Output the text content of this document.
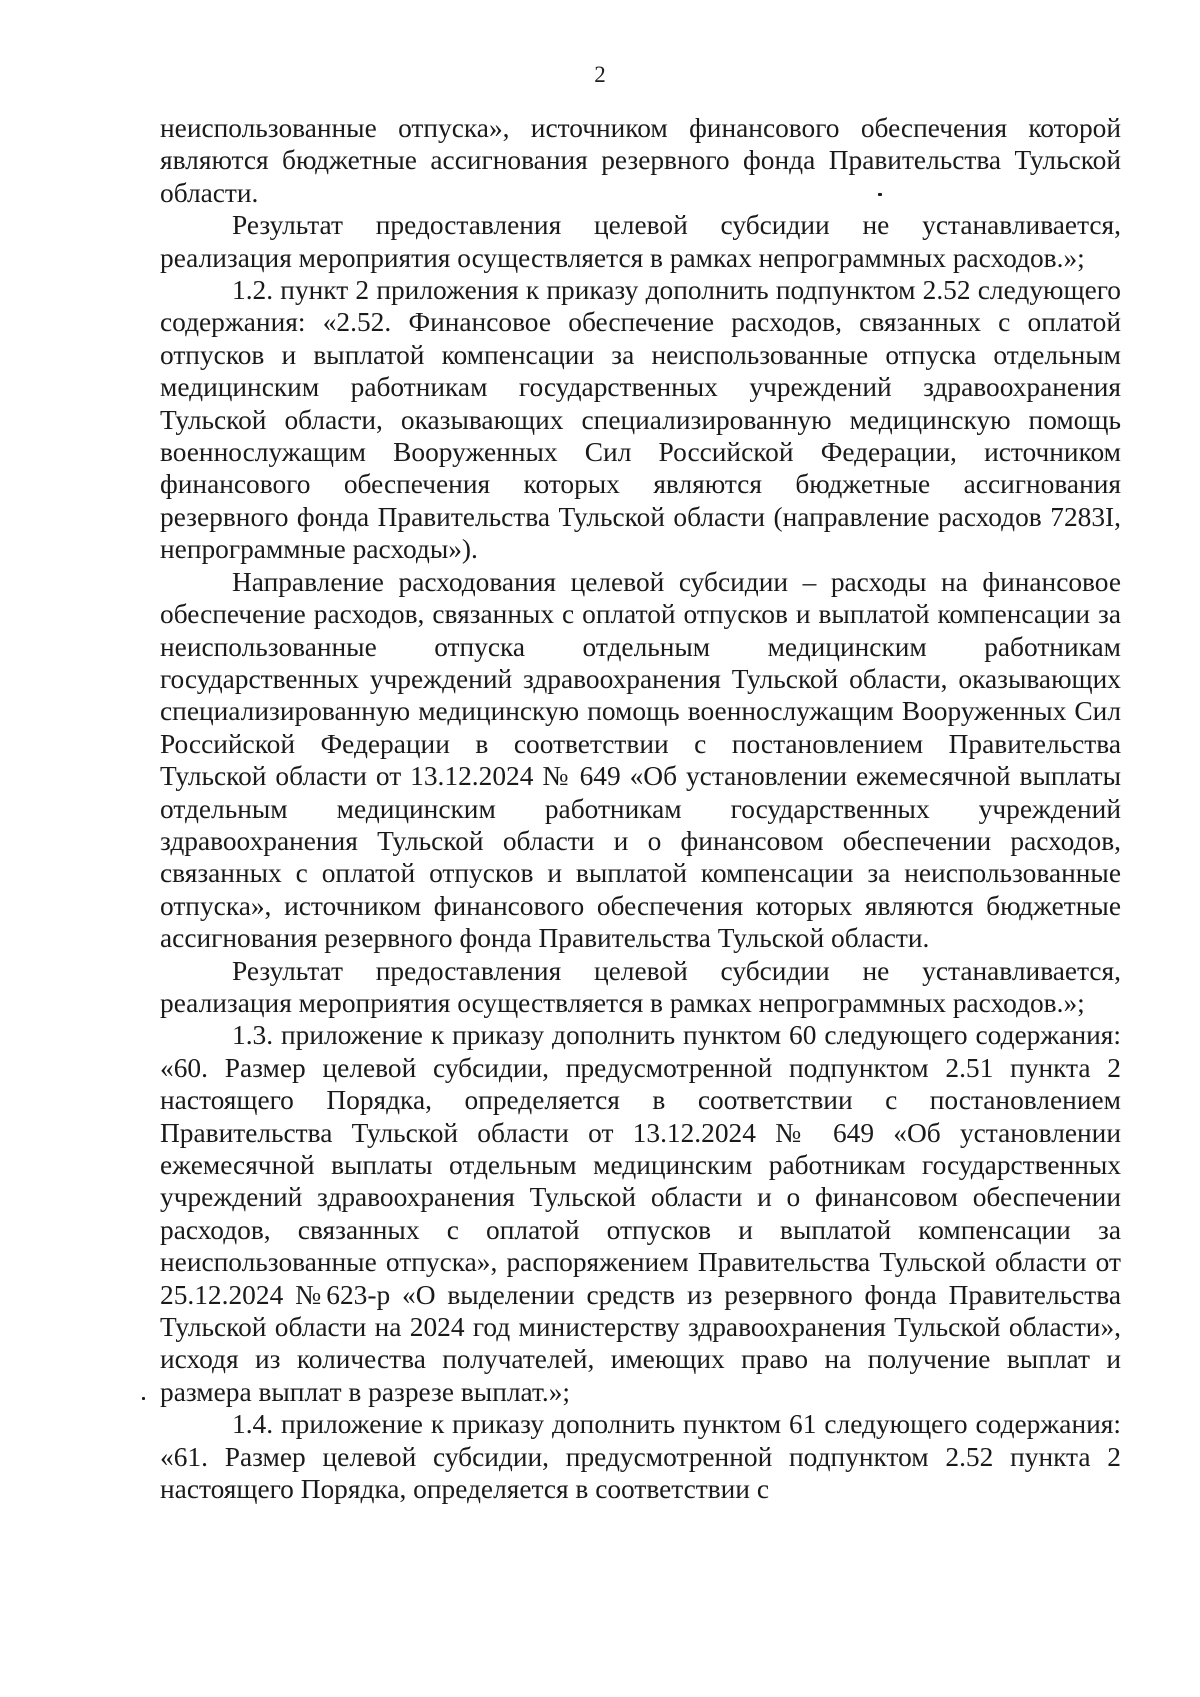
2

неиспользованные отпуска», источником финансового обеспечения которой являются бюджетные ассигнования резервного фонда Правительства Тульской области.

Результат предоставления целевой субсидии не устанавливается, реализация мероприятия осуществляется в рамках непрограммных расходов.»;

1.2. пункт 2 приложения к приказу дополнить подпунктом 2.52 следующего содержания: «2.52. Финансовое обеспечение расходов, связанных с оплатой отпусков и выплатой компенсации за неиспользованные отпуска отдельным медицинским работникам государственных учреждений здравоохранения Тульской области, оказывающих специализированную медицинскую помощь военнослужащим Вооруженных Сил Российской Федерации, источником финансового обеспечения которых являются бюджетные ассигнования резервного фонда Правительства Тульской области (направление расходов 7283I, непрограммные расходы»).

Направление расходования целевой субсидии – расходы на финансовое обеспечение расходов, связанных с оплатой отпусков и выплатой компенсации за неиспользованные отпуска отдельным медицинским работникам государственных учреждений здравоохранения Тульской области, оказывающих специализированную медицинскую помощь военнослужащим Вооруженных Сил Российской Федерации в соответствии с постановлением Правительства Тульской области от 13.12.2024 № 649 «Об установлении ежемесячной выплаты отдельным медицинским работникам государственных учреждений здравоохранения Тульской области и о финансовом обеспечении расходов, связанных с оплатой отпусков и выплатой компенсации за неиспользованные отпуска», источником финансового обеспечения которых являются бюджетные ассигнования резервного фонда Правительства Тульской области.

Результат предоставления целевой субсидии не устанавливается, реализация мероприятия осуществляется в рамках непрограммных расходов.»;

1.3. приложение к приказу дополнить пунктом 60 следующего содержания: «60. Размер целевой субсидии, предусмотренной подпунктом 2.51 пункта 2 настоящего Порядка, определяется в соответствии с постановлением Правительства Тульской области от 13.12.2024 № 649 «Об установлении ежемесячной выплаты отдельным медицинским работникам государственных учреждений здравоохранения Тульской области и о финансовом обеспечении расходов, связанных с оплатой отпусков и выплатой компенсации за неиспользованные отпуска», распоряжением Правительства Тульской области от 25.12.2024 №623-р «О выделении средств из резервного фонда Правительства Тульской области на 2024 год министерству здравоохранения Тульской области», исходя из количества получателей, имеющих право на получение выплат и размера выплат в разрезе выплат.»;

1.4. приложение к приказу дополнить пунктом 61 следующего содержания: «61. Размер целевой субсидии, предусмотренной подпунктом 2.52 пункта 2 настоящего Порядка, определяется в соответствии с
